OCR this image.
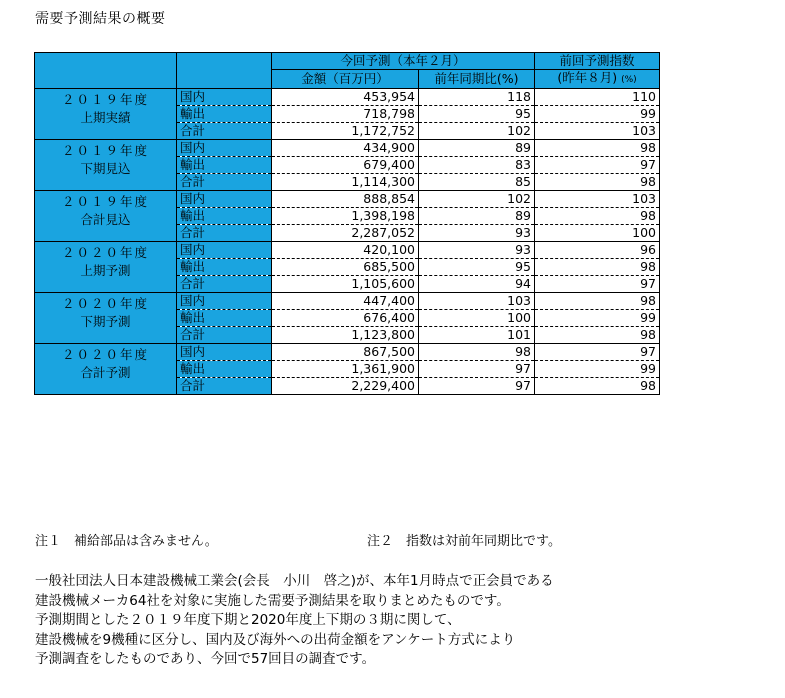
需要予測結果の概要
		今回予測（本年２月）		前回予測指数
		金額（百万円）	前年同期比(%)	(昨年８月) (%)

２０１９年度
上期実績	国内	453,954	118	110
	輸出	718,798	95	99
	合計	1,172,752	102	103

２０１９年度
下期見込	国内	434,900	89	98
	輸出	679,400	83	97
	合計	1,114,300	85	98

２０１９年度
合計見込	国内	888,854	102	103
	輸出	1,398,198	89	98
	合計	2,287,052	93	100

２０２０年度
上期予測	国内	420,100	93	96
	輸出	685,500	95	98
	合計	1,105,600	94	97

２０２０年度
下期予測	国内	447,400	103	98
	輸出	676,400	100	99
	合計	1,123,800	101	98

２０２０年度
合計予測	国内	867,500	98	97
	輸出	1,361,900	97	99
	合計	2,229,400	97	98
注１　補給部品は含みません。	注２　指数は対前年同期比です。

一般社団法人日本建設機械工業会(会長　小川　啓之)が、本年1月時点で正会員である

建設機械メーカ64社を対象に実施した需要予測結果を取りまとめたものです。

予測期間とした２０１９年度下期と2020年度上下期の３期に関して、

建設機械を9機種に区分し、国内及び海外への出荷金額をアンケート方式により

予測調査をしたものであり、今回で57回目の調査です。
